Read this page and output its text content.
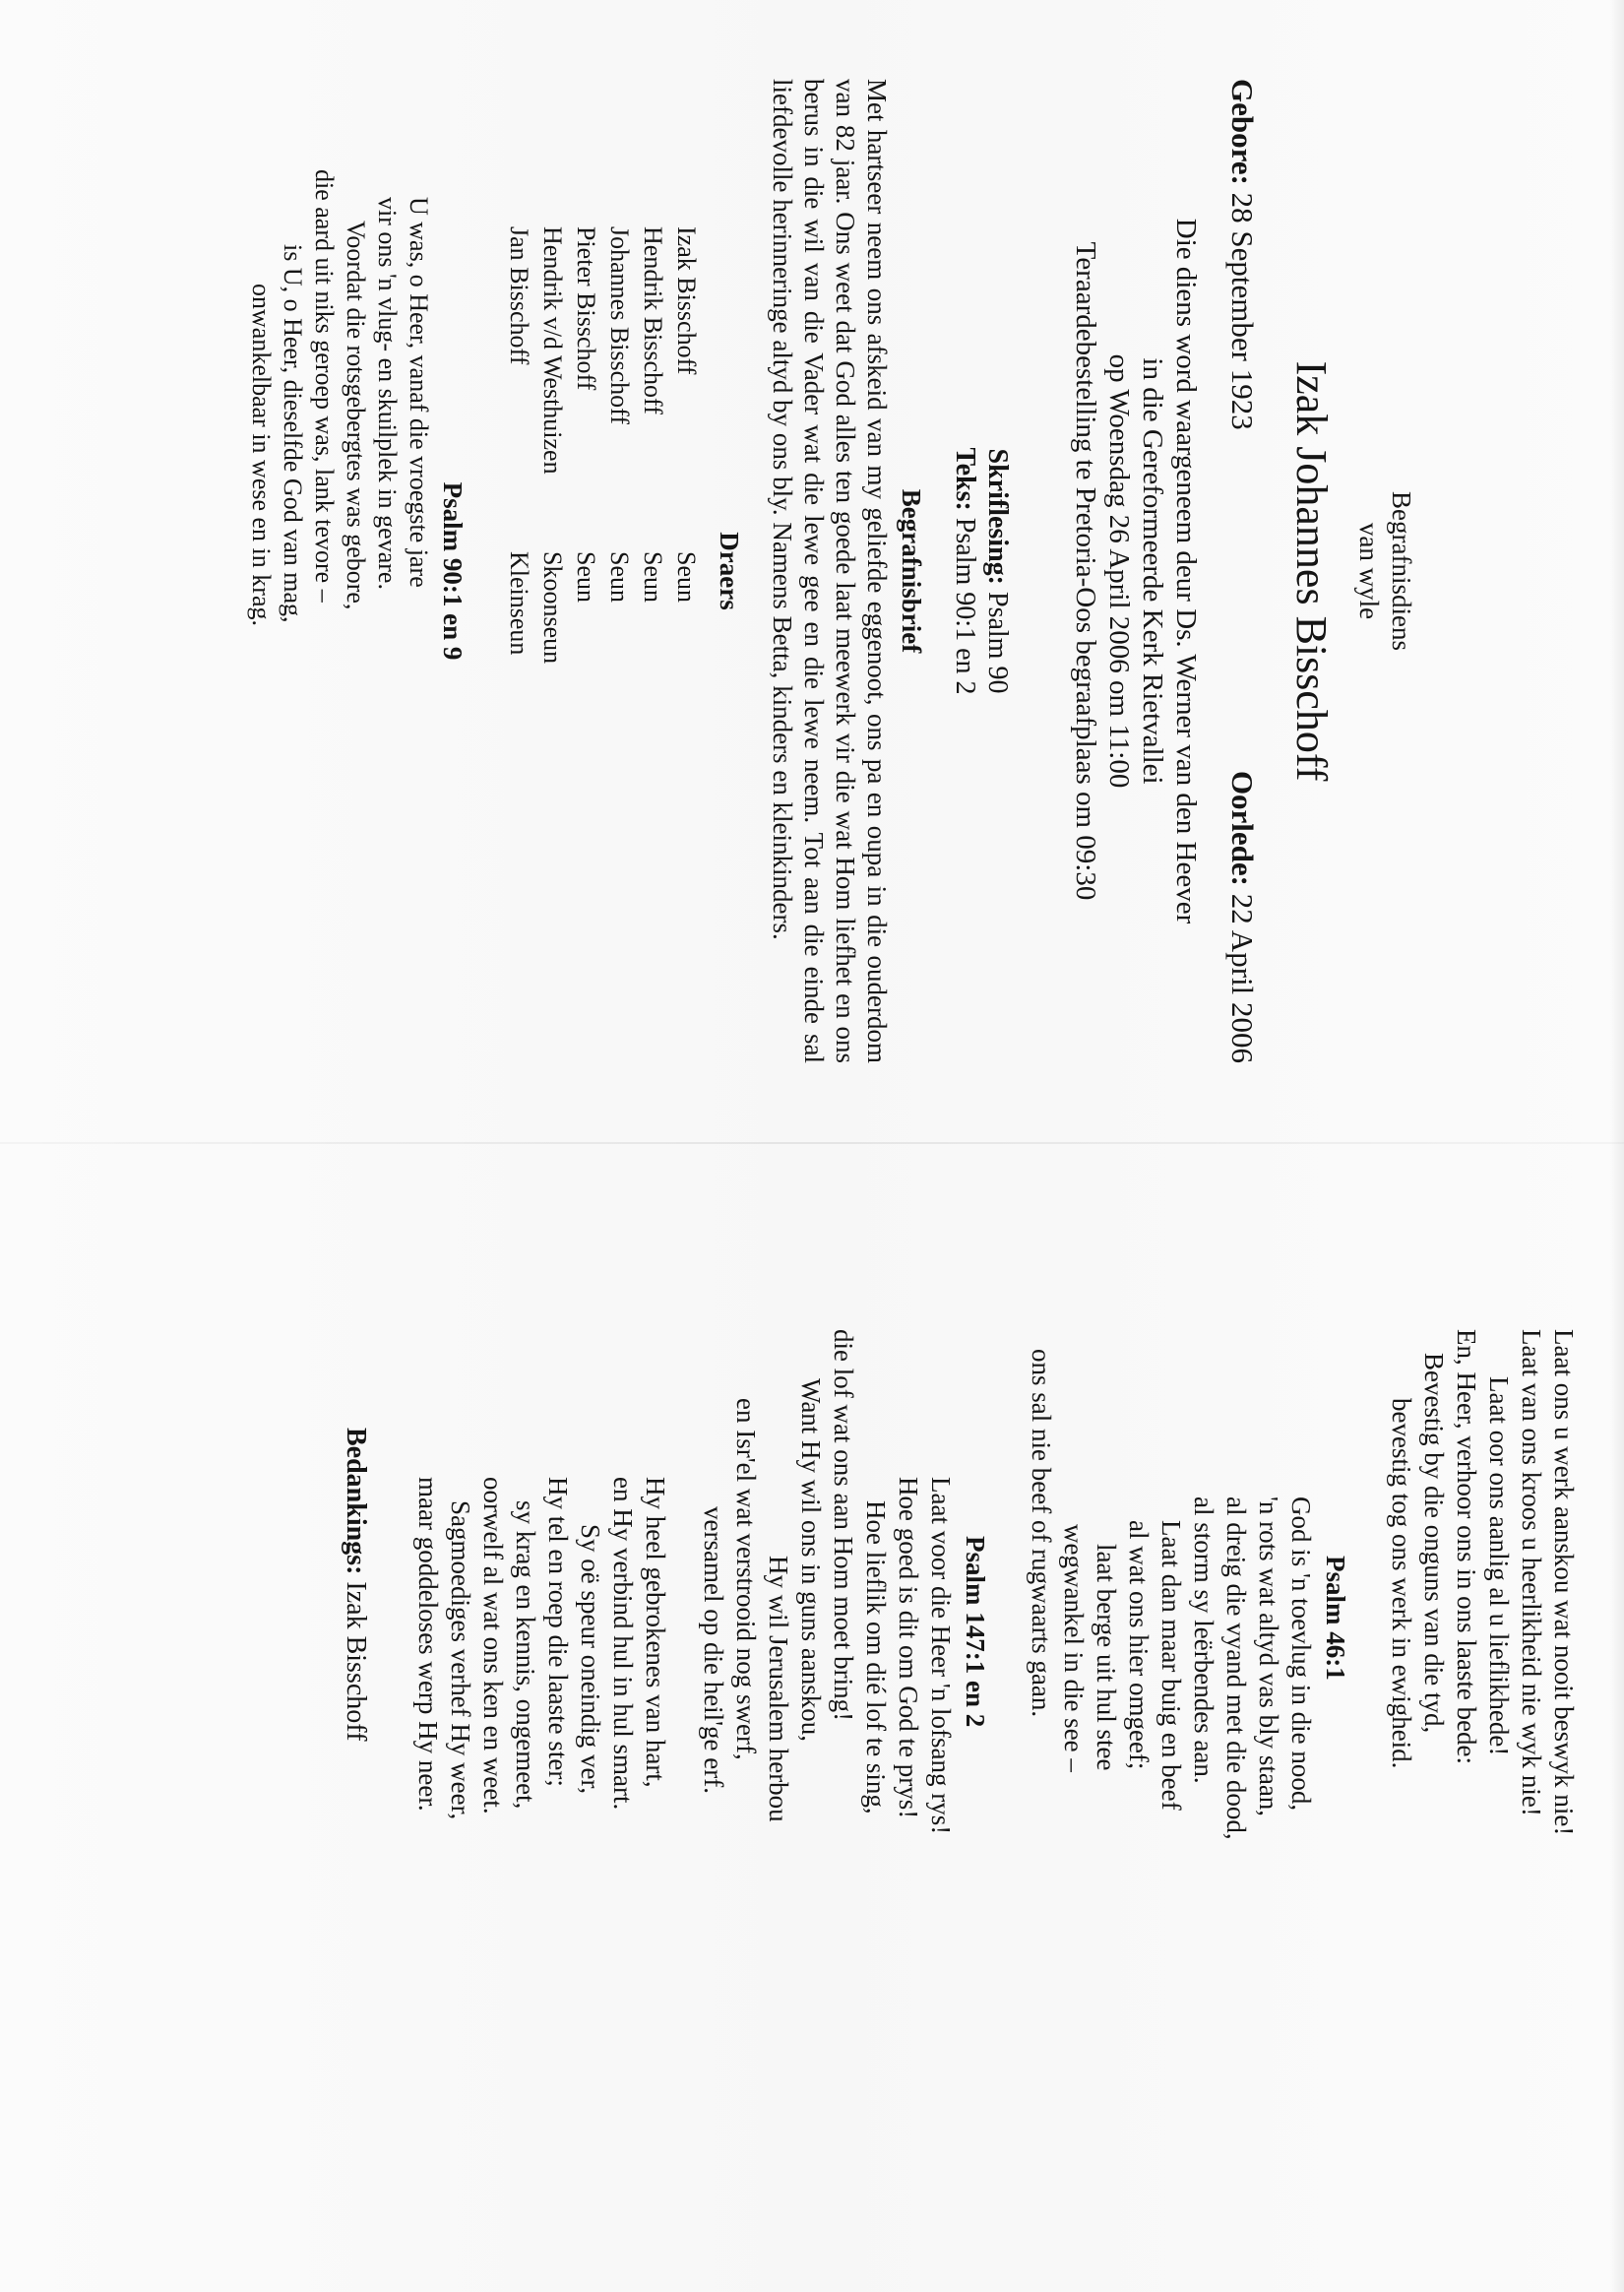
Begrafnisdiens
van wyle
Izak Johannes Bisschoff
Gebore: 28 September 1923
Oorlede: 22 April 2006
Die diens word waargeneem deur Ds. Werner van den Heever
in die Gereformeerde Kerk Rietvallei
op Woensdag 26 April 2006 om 11:00
Teraardebestelling te Pretoria-Oos begraafplaas om 09:30
Skriflesing: Psalm 90
Teks: Psalm 90:1 en 2
Begrafnisbrief
Met hartseer neem ons afskeid van my geliefde eggenoot, ons pa en oupa in die ouderdom van 82 jaar. Ons weet dat God alles ten goede laat meewerk vir die wat Hom liefhet en ons berus in die wil van die Vader wat die lewe gee en die lewe neem. Tot aan die einde sal liefdevolle herinneringe altyd by ons bly. Namens Betta, kinders en kleinkinders.
Draers
Izak Bisschoff
Seun
Hendrik Bisschoff
Seun
Johannes Bisschoff
Seun
Pieter Bisschoff
Seun
Hendrik v/d Westhuizen
Skoonseun
Jan Bisschoff
Kleinseun
Psalm 90:1 en 9
U was, o Heer, vanaf die vroegste jare
vir ons 'n vlug- en skuilplek in gevare.
Voordat die rotsgebergtes was gebore,
die aard uit niks geroep was, lank tevore –
is U, o Heer, dieselfde God van mag,
onwankelbaar in wese en in krag.
Laat ons u werk aanskou wat nooit beswyk nie!
Laat van ons kroos u heerlikheid nie wyk nie!
Laat oor ons aanlig al u lieflikhede!
En, Heer, verhoor ons in ons laaste bede:
Bevestig by die onguns van die tyd,
bevestig tog ons werk in ewigheid.
Psalm 46:1
God is 'n toevlug in die nood,
'n rots wat altyd vas bly staan,
al dreig die vyand met die dood,
al storm sy leërbendes aan.
Laat dan maar buig en beef
al wat ons hier omgeef;
laat berge uit hul stee
wegwankel in die see –
ons sal nie beef of rugwaarts gaan.
Psalm 147:1 en 2
Laat voor die Heer 'n lofsang rys!
Hoe goed is dit om God te prys!
Hoe lieflik om dié lof te sing,
die lof wat ons aan Hom moet bring!
Want Hy wil ons in guns aanskou,
Hy wil Jerusalem herbou
en Isr'el wat verstrooid nog swerf,
versamel op die heil'ge erf.
Hy heel gebrokenes van hart,
en Hy verbind hul in hul smart.
Sy oë speur oneindig ver,
Hy tel en roep die laaste ster;
sy krag en kennis, ongemeet,
oorwelf al wat ons ken en weet.
Sagmoediges verhef Hy weer,
maar goddeloses werp Hy neer.
Bedankings: Izak Bisschoff
